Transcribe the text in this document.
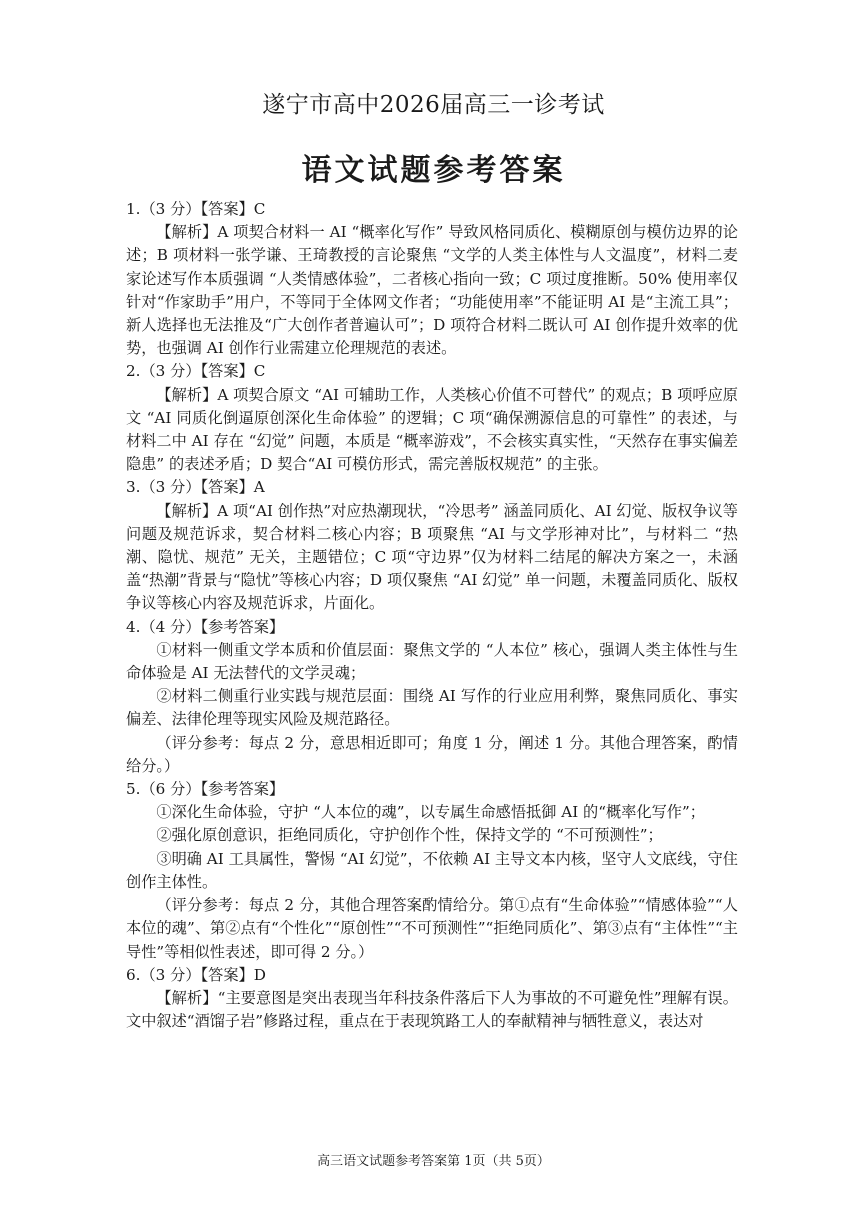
遂宁市高中2026届高三一诊考试
语文试题参考答案

1.（3 分）【答案】C

【解析】A 项契合材料一 AI “概率化写作” 导致风格同质化、模糊原创与模仿边界的论述；B 项材料一张学谦、王琦教授的言论聚焦 “文学的人类主体性与人文温度”，材料二麦家论述写作本质强调 “人类情感体验”，二者核心指向一致；C 项过度推断。50% 使用率仅针对“作家助手”用户，不等同于全体网文作者；“功能使用率”不能证明 AI 是“主流工具”；新人选择也无法推及“广大创作者普遍认可”；D 项符合材料二既认可 AI 创作提升效率的优势，也强调 AI 创作行业需建立伦理规范的表述。

2.（3 分）【答案】C

【解析】A 项契合原文 “AI 可辅助工作，人类核心价值不可替代” 的观点；B 项呼应原文 “AI 同质化倒逼原创深化生命体验” 的逻辑；C 项“确保溯源信息的可靠性” 的表述，与材料二中 AI 存在 “幻觉” 问题，本质是 “概率游戏”，不会核实真实性，“天然存在事实偏差隐患” 的表述矛盾；D 契合“AI 可模仿形式，需完善版权规范” 的主张。

3.（3 分）【答案】A

【解析】A 项“AI 创作热”对应热潮现状，“冷思考” 涵盖同质化、AI 幻觉、版权争议等问题及规范诉求，契合材料二核心内容；B 项聚焦 “AI 与文学形神对比”，与材料二 “热潮、隐忧、规范” 无关，主题错位；C 项“守边界”仅为材料二结尾的解决方案之一，未涵盖“热潮”背景与“隐忧”等核心内容；D 项仅聚焦 “AI 幻觉” 单一问题，未覆盖同质化、版权争议等核心内容及规范诉求，片面化。

4.（4 分）【参考答案】

①材料一侧重文学本质和价值层面：聚焦文学的 “人本位” 核心，强调人类主体性与生命体验是 AI 无法替代的文学灵魂；

②材料二侧重行业实践与规范层面：围绕 AI 写作的行业应用利弊，聚焦同质化、事实偏差、法律伦理等现实风险及规范路径。

（评分参考：每点 2 分，意思相近即可；角度 1 分，阐述 1 分。其他合理答案，酌情给分。）

5.（6 分）【参考答案】

①深化生命体验，守护 “人本位的魂”，以专属生命感悟抵御 AI 的“概率化写作”；

②强化原创意识，拒绝同质化，守护创作个性，保持文学的 “不可预测性”；

③明确 AI 工具属性，警惕 “AI 幻觉”，不依赖 AI 主导文本内核，坚守人文底线，守住创作主体性。

（评分参考：每点 2 分，其他合理答案酌情给分。第①点有“生命体验”“情感体验”“人本位的魂”、第②点有“个性化”“原创性”“不可预测性”“拒绝同质化”、第③点有“主体性”“主导性”等相似性表述，即可得 2 分。）

6.（3 分）【答案】D

【解析】“主要意图是突出表现当年科技条件落后下人为事故的不可避免性”理解有误。文中叙述“酒馏子岩”修路过程，重点在于表现筑路工人的奉献精神与牺牲意义，表达对

高三语文试题参考答案第 1页（共 5页）
